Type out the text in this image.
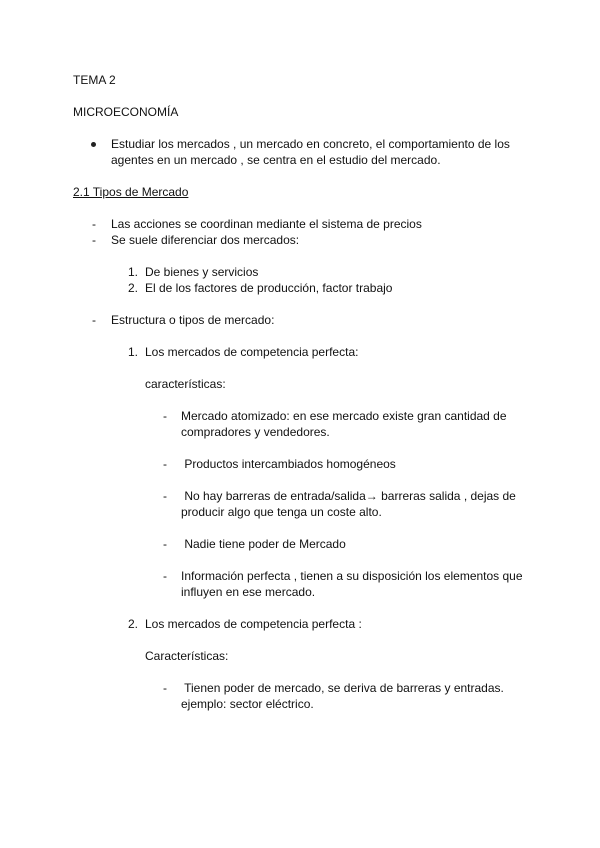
TEMA 2
MICROECONOMÍA
Estudiar los mercados , un mercado en concreto, el comportamiento de los
agentes en un mercado , se centra en el estudio del mercado.
2.1 Tipos de Mercado
- Las acciones se coordinan mediante el sistema de precios
- Se suele diferenciar dos mercados:
1. De bienes y servicios
2. El de los factores de producción, factor trabajo
- Estructura o tipos de mercado:
1. Los mercados de competencia perfecta:
características:
- Mercado atomizado: en ese mercado existe gran cantidad de
compradores y vendedores.
- Productos intercambiados homogéneos
- No hay barreras de entrada/salida→ barreras salida , dejas de
producir algo que tenga un coste alto.
- Nadie tiene poder de Mercado
- Información perfecta , tienen a su disposición los elementos que
influyen en ese mercado.
2. Los mercados de competencia perfecta :
Características:
- Tienen poder de mercado, se deriva de barreras y entradas.
ejemplo: sector eléctrico.
